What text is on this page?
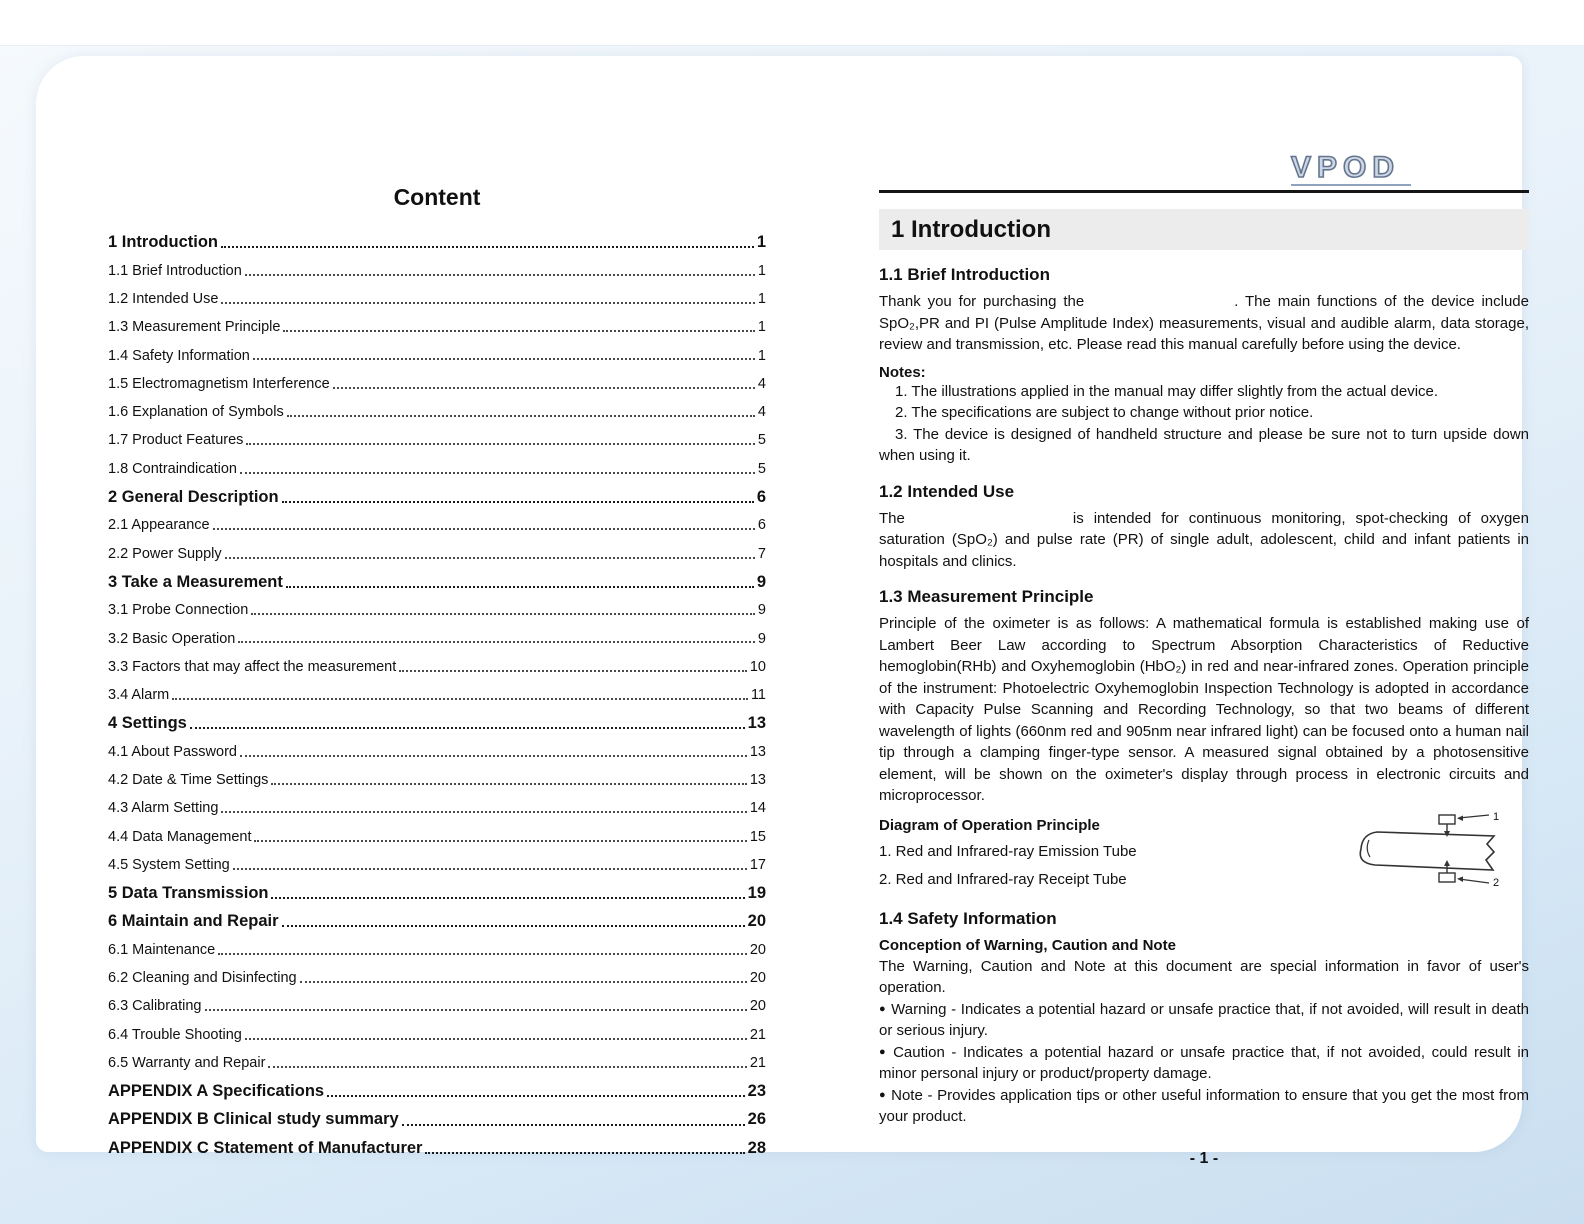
Content
1 Introduction	1
1.1 Brief Introduction	1
1.2 Intended Use	1
1.3 Measurement Principle	1
1.4 Safety Information	1
1.5 Electromagnetism Interference	4
1.6 Explanation of Symbols	4
1.7 Product Features	5
1.8 Contraindication	5
2 General Description	6
2.1 Appearance	6
2.2 Power Supply	7
3 Take a Measurement	9
3.1 Probe Connection	9
3.2 Basic Operation	9
3.3 Factors that may affect the measurement	10
3.4 Alarm	11
4 Settings	13
4.1 About Password	13
4.2 Date & Time Settings	13
4.3 Alarm Setting	14
4.4 Data Management	15
4.5 System Setting	17
5 Data Transmission	19
6 Maintain and Repair	20
6.1 Maintenance	20
6.2 Cleaning and Disinfecting	20
6.3 Calibrating	20
6.4 Trouble Shooting	21
6.5 Warranty and Repair	21
APPENDIX A Specifications	23
APPENDIX B Clinical study summary	26
APPENDIX C Statement of Manufacturer	28
VPOD
1 Introduction
1.1 Brief Introduction

Thank you for purchasing the	. The main functions of the device include SpO₂,PR and PI (Pulse Amplitude Index) measurements, visual and audible alarm, data storage, review and transmission, etc. Please read this manual carefully before using the device.

Notes:

1. The illustrations applied in the manual may differ slightly from the actual device.

2. The specifications are subject to change without prior notice.

3. The device is designed of handheld structure and please be sure not to turn upside down when using it.

1.2 Intended Use

The	is intended for continuous monitoring, spot-checking of oxygen saturation (SpO₂) and pulse rate (PR) of single adult, adolescent, child and infant patients in hospitals and clinics.

1.3 Measurement Principle

Principle of the oximeter is as follows: A mathematical formula is established making use of Lambert Beer Law according to Spectrum Absorption Characteristics of Reductive hemoglobin(RHb) and Oxyhemoglobin (HbO₂) in red and near-infrared zones. Operation principle of the instrument: Photoelectric Oxyhemoglobin Inspection Technology is adopted in accordance with Capacity Pulse Scanning and Recording Technology, so that two beams of different wavelength of lights (660nm red and 905nm near infrared light) can be focused onto a human nail tip through a clamping finger-type sensor. A measured signal obtained by a photosensitive element, will be shown on the oximeter's display through process in electronic circuits and microprocessor.

Diagram of Operation Principle
1. Red and Infrared-ray Emission Tube
2. Red and Infrared-ray Receipt Tube
1
2
1.4 Safety Information
Conception of Warning, Caution and Note

The Warning, Caution and Note at this document are special information in favor of user's operation.

● Warning - Indicates a potential hazard or unsafe practice that, if not avoided, will result in death or serious injury.

● Caution - Indicates a potential hazard or unsafe practice that, if not avoided, could result in minor personal injury or product/property damage.

● Note - Provides application tips or other useful information to ensure that you get the most from your product.

- 1 -
